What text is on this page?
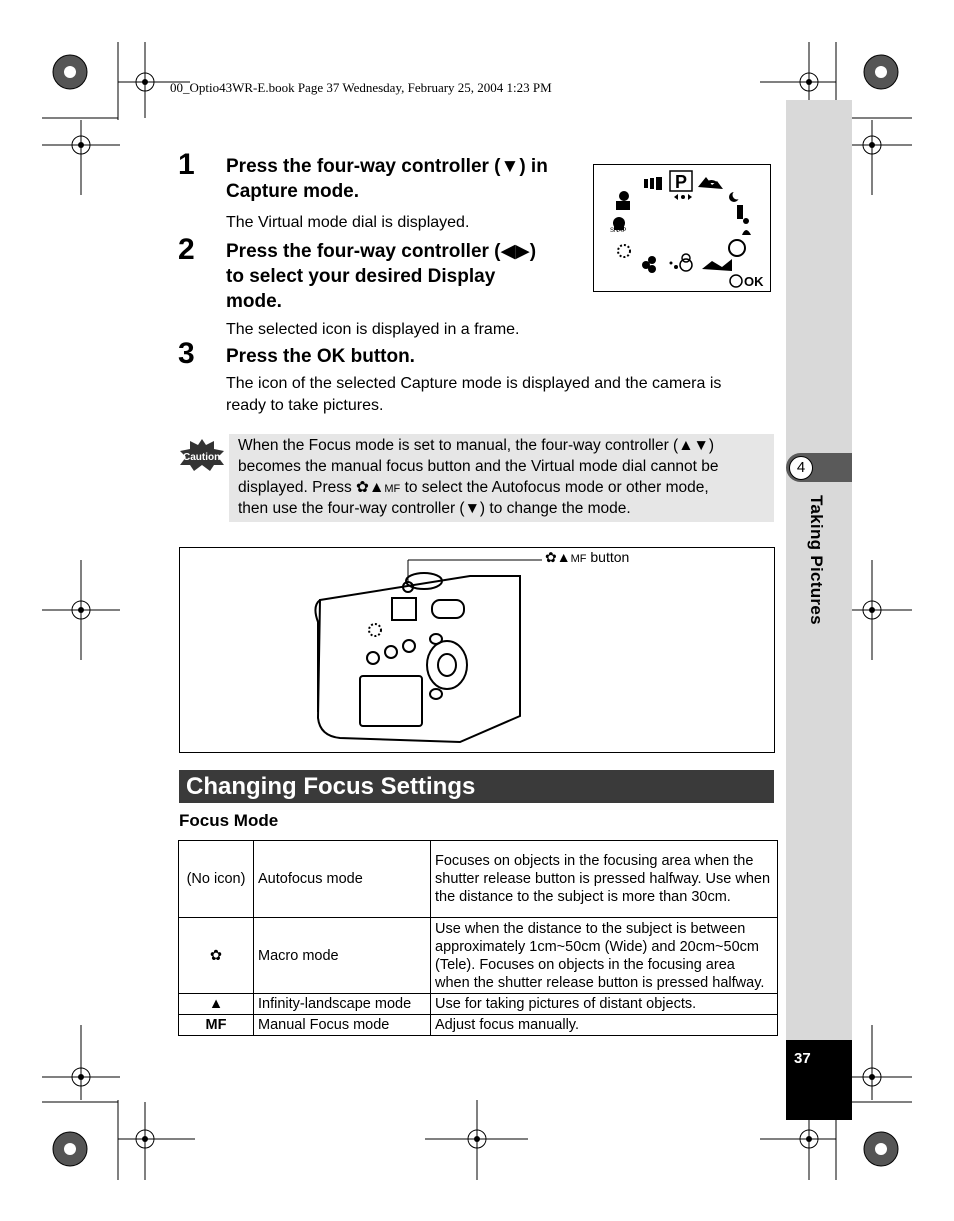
00_Optio43WR-E.book Page 37 Wednesday, February 25, 2004 1:23 PM
4
Taking Pictures
37
1 Press the four-way controller (▼) in
Capture mode.
The Virtual mode dial is displayed.
2 Press the four-way controller (◀▶)
to select your desired Display
mode.
The selected icon is displayed in a frame.
3 Press the OK button.
The icon of the selected Capture mode is displayed and the camera is
ready to take pictures.
P
SNAP
OK
Caution

When the Focus mode is set to manual, the four-way controller (▲▼)

becomes the manual focus button and the Virtual mode dial cannot be

displayed. Press ✿▲MF to select the Autofocus mode or other mode,

then use the four-way controller (▼) to change the mode.

✿▲MF button
Changing Focus Settings
Focus Mode
(No icon)	Autofocus mode	Focuses on objects in the focusing area when the shutter release button is pressed halfway. Use when the distance to the subject is more than 30cm.
✿	Macro mode	Use when the distance to the subject is between approximately 1cm~50cm (Wide) and 20cm~50cm (Tele). Focuses on objects in the focusing area when the shutter release button is pressed halfway.
▲	Infinity-landscape mode	Use for taking pictures of distant objects.
MF	Manual Focus mode	Adjust focus manually.
